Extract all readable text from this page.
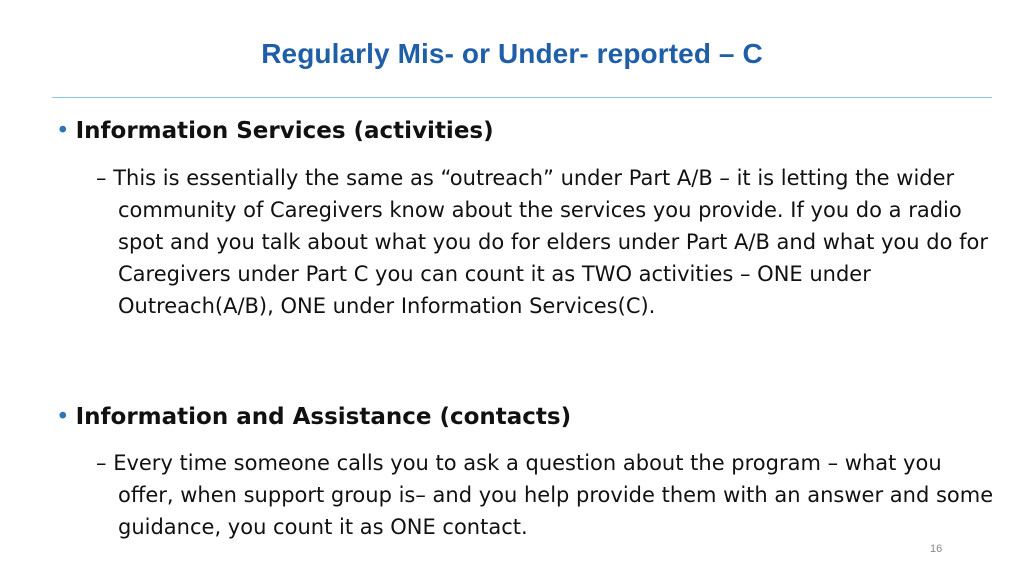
Regularly Mis- or Under- reported – C
• Information Services (activities)
– This is essentially the same as “outreach” under Part A/B – it is letting the wider community of Caregivers know about the services you provide. If you do a radio spot and you talk about what you do for elders under Part A/B and what you do for Caregivers under Part C you can count it as TWO activities – ONE under Outreach(A/B), ONE under Information Services(C).
• Information and Assistance (contacts)
– Every time someone calls you to ask a question about the program – what you offer, when support group is– and you help provide them with an answer and some guidance, you count it as ONE contact.
16
